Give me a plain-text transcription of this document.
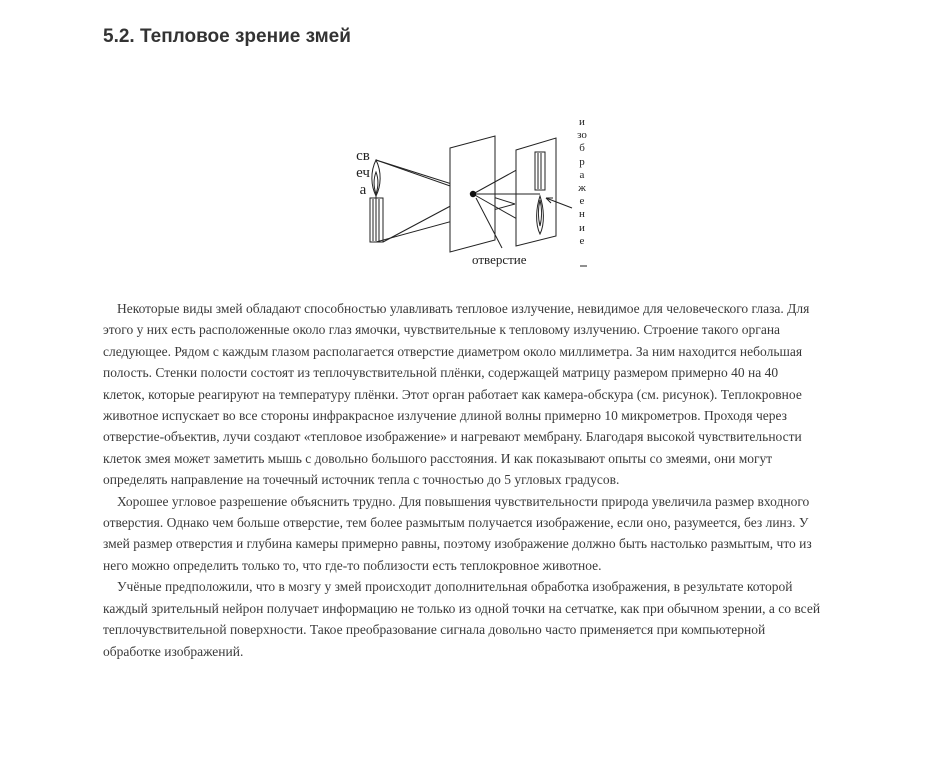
5.2. Тепловое зрение змей
свеча
изображение
отверстие

Некоторые виды змей обладают способностью улавливать тепловое излучение, невидимое для человеческого глаза. Для этого у них есть расположенные около глаз ямочки, чувствительные к тепловому излучению. Строение такого органа следующее. Рядом с каждым глазом располагается отверстие диаметром около миллиметра. За ним находится небольшая полость. Стенки полости состоят из теплочувствительной плёнки, содержащей матрицу размером примерно 40 на 40 клеток, которые реагируют на температуру плёнки. Этот орган работает как камера-обскура (см. рисунок). Теплокровное животное испускает во все стороны инфракрасное излучение длиной волны примерно 10 микрометров. Проходя через отверстие-объектив, лучи создают «тепловое изображение» и нагревают мембрану. Благодаря высокой чувствительности клеток змея может заметить мышь с довольно большого расстояния. И как показывают опыты со змеями, они могут определять направление на точечный источник тепла с точностью до 5 угловых градусов.

Хорошее угловое разрешение объяснить трудно. Для повышения чувствительности природа увеличила размер входного отверстия. Однако чем больше отверстие, тем более размытым получается изображение, если оно, разумеется, без линз. У змей размер отверстия и глубина камеры примерно равны, поэтому изображение должно быть настолько размытым, что из него можно определить только то, что где-то поблизости есть теплокровное животное.

Учёные предположили, что в мозгу у змей происходит дополнительная обработка изображения, в результате которой каждый зрительный нейрон получает информацию не только из одной точки на сетчатке, как при обычном зрении, а со всей теплочувствительной поверхности. Такое преобразование сигнала довольно часто применяется при компьютерной обработке изображений.
